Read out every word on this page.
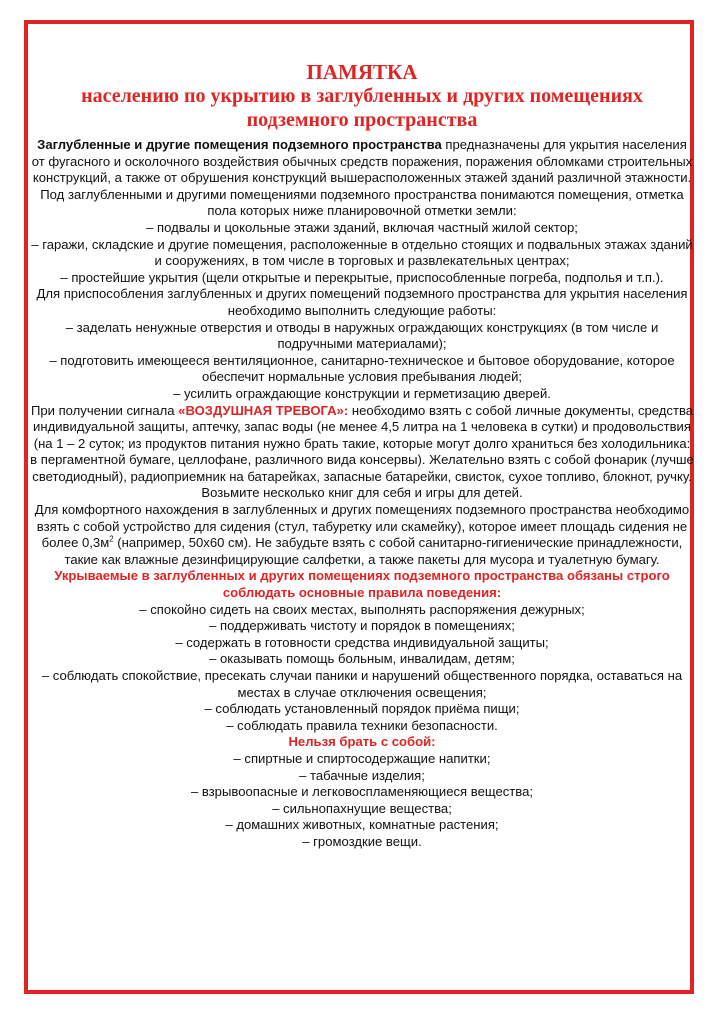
ПАМЯТКА

населению по укрытию в заглубленных и других помещениях

подземного пространства

Заглубленные и другие помещения подземного пространства предназначены для укрытия населения от фугасного и осколочного воздействия обычных средств поражения, поражения обломками строительных конструкций, а также от обрушения конструкций вышерасположенных этажей зданий различной этажности.

Под заглубленными и другими помещениями подземного пространства понимаются помещения, отметка пола которых ниже планировочной отметки земли:

– подвалы и цокольные этажи зданий, включая частный жилой сектор;

– гаражи, складские и другие помещения, расположенные в отдельно стоящих и подвальных этажах зданий и сооружениях, в том числе в торговых и развлекательных центрах;

– простейшие укрытия (щели открытые и перекрытые, приспособленные погреба, подполья и т.п.).

Для приспособления заглубленных и других помещений подземного пространства для укрытия населения необходимо выполнить следующие работы:

– заделать ненужные отверстия и отводы в наружных ограждающих конструкциях (в том числе и подручными материалами);

– подготовить имеющееся вентиляционное, санитарно-техническое и бытовое оборудование, которое обеспечит нормальные условия пребывания людей;

– усилить ограждающие конструкции и герметизацию дверей.

При получении сигнала «ВОЗДУШНАЯ ТРЕВОГА»: необходимо взять с собой личные документы, средства индивидуальной защиты, аптечку, запас воды (не менее 4,5 литра на 1 человека в сутки) и продовольствия (на 1 – 2 суток; из продуктов питания нужно брать такие, которые могут долго храниться без холодильника: в пергаментной бумаге, целлофане, различного вида консервы). Желательно взять с собой фонарик (лучше светодиодный), радиоприемник на батарейках, запасные батарейки, свисток, сухое топливо, блокнот, ручку. Возьмите несколько книг для себя и игры для детей.

Для комфортного нахождения в заглубленных и других помещениях подземного пространства необходимо взять с собой устройство для сидения (стул, табуретку или скамейку), которое имеет площадь сидения не более $0,3м^2$ (например, 50х60 см). Не забудьте взять с собой санитарно-гигиенические принадлежности, такие как влажные дезинфицирующие салфетки, а также пакеты для мусора и туалетную бумагу.

Укрываемые в заглубленных и других помещениях подземного пространства обязаны строго соблюдать основные правила поведения:

– спокойно сидеть на своих местах, выполнять распоряжения дежурных;

– поддерживать чистоту и порядок в помещениях;

– содержать в готовности средства индивидуальной защиты;

– оказывать помощь больным, инвалидам, детям;

– соблюдать спокойствие, пресекать случаи паники и нарушений общественного порядка, оставаться на местах в случае отключения освещения;

– соблюдать установленный порядок приёма пищи;

– соблюдать правила техники безопасности.

Нельзя брать с собой:

– спиртные и спиртосодержащие напитки;

– табачные изделия;

– взрывоопасные и легковоспламеняющиеся вещества;

– сильнопахнущие вещества;

– домашних животных, комнатные растения;

– громоздкие вещи.
